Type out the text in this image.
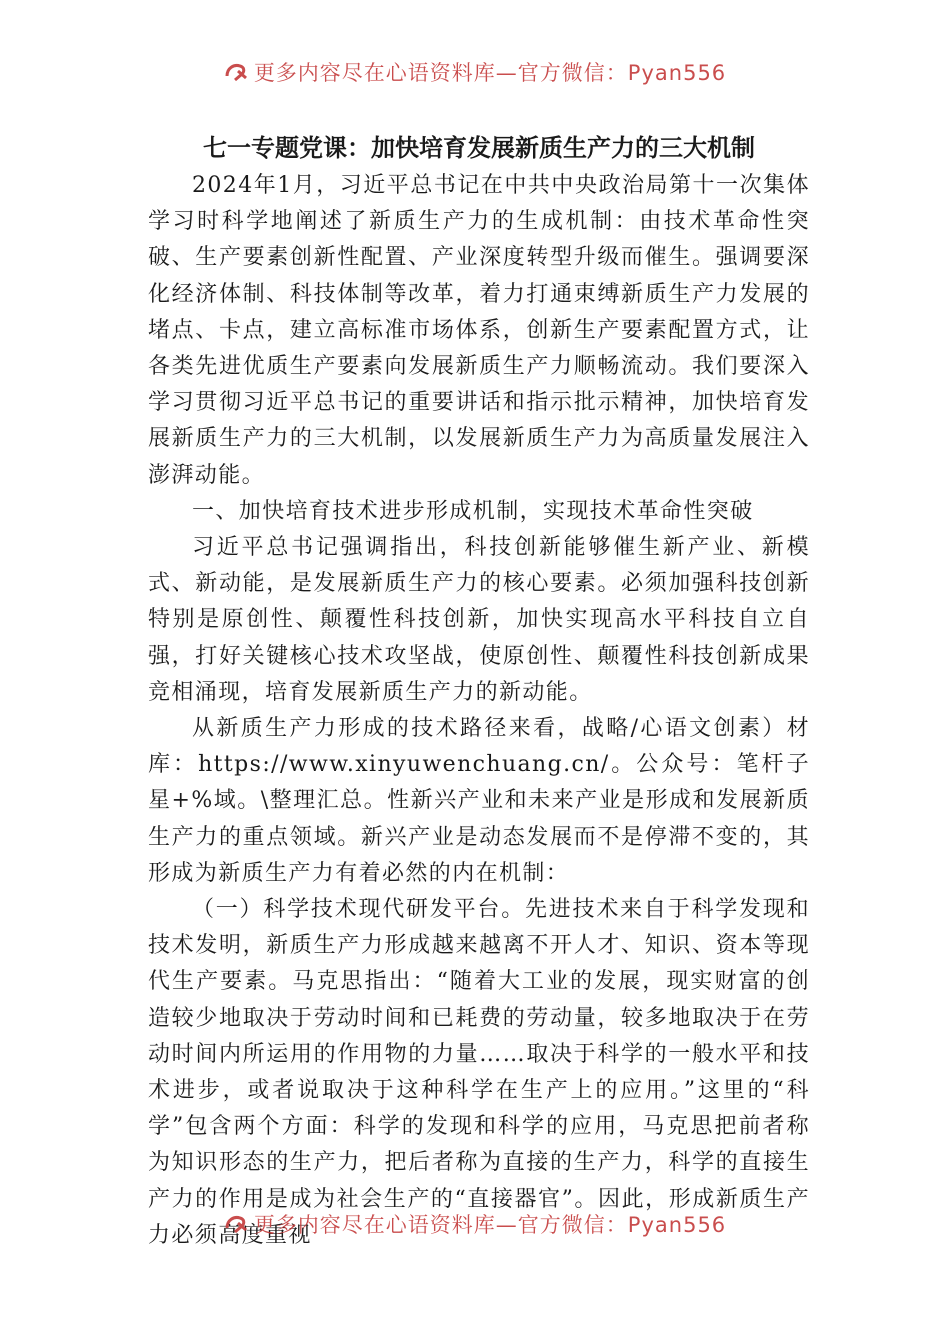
更多内容尽在心语资料库—官方微信：Pyan556
七一专题党课：加快培育发展新质生产力的三大机制

2024年1月，习近平总书记在中共中央政治局第十一次集体学习时科学地阐述了新质生产力的生成机制：由技术革命性突破、生产要素创新性配置、产业深度转型升级而催生。强调要深化经济体制、科技体制等改革，着力打通束缚新质生产力发展的堵点、卡点，建立高标准市场体系，创新生产要素配置方式，让各类先进优质生产要素向发展新质生产力顺畅流动。我们要深入学习贯彻习近平总书记的重要讲话和指示批示精神，加快培育发展新质生产力的三大机制，以发展新质生产力为高质量发展注入澎湃动能。

一、加快培育技术进步形成机制，实现技术革命性突破

习近平总书记强调指出，科技创新能够催生新产业、新模式、新动能，是发展新质生产力的核心要素。必须加强科技创新特别是原创性、颠覆性科技创新，加快实现高水平科技自立自强，打好关键核心技术攻坚战，使原创性、颠覆性科技创新成果竞相涌现，培育发展新质生产力的新动能。

从新质生产力形成的技术路径来看，战略/心语文创素）材库：https://www.xinyuwenchuang.cn/。公众号：笔杆子星+%域。\整理汇总。性新兴产业和未来产业是形成和发展新质生产力的重点领域。新兴产业是动态发展而不是停滞不变的，其形成为新质生产力有着必然的内在机制：

（一）科学技术现代研发平台。先进技术来自于科学发现和技术发明，新质生产力形成越来越离不开人才、知识、资本等现代生产要素。马克思指出：“随着大工业的发展，现实财富的创造较少地取决于劳动时间和已耗费的劳动量，较多地取决于在劳动时间内所运用的作用物的力量……取决于科学的一般水平和技术进步，或者说取决于这种科学在生产上的应用。”这里的“科学”包含两个方面：科学的发现和科学的应用，马克思把前者称为知识形态的生产力，把后者称为直接的生产力，科学的直接生产力的作用是成为社会生产的“直接器官”。因此，形成新质生产力必须高度重视

更多内容尽在心语资料库—官方微信：Pyan556
